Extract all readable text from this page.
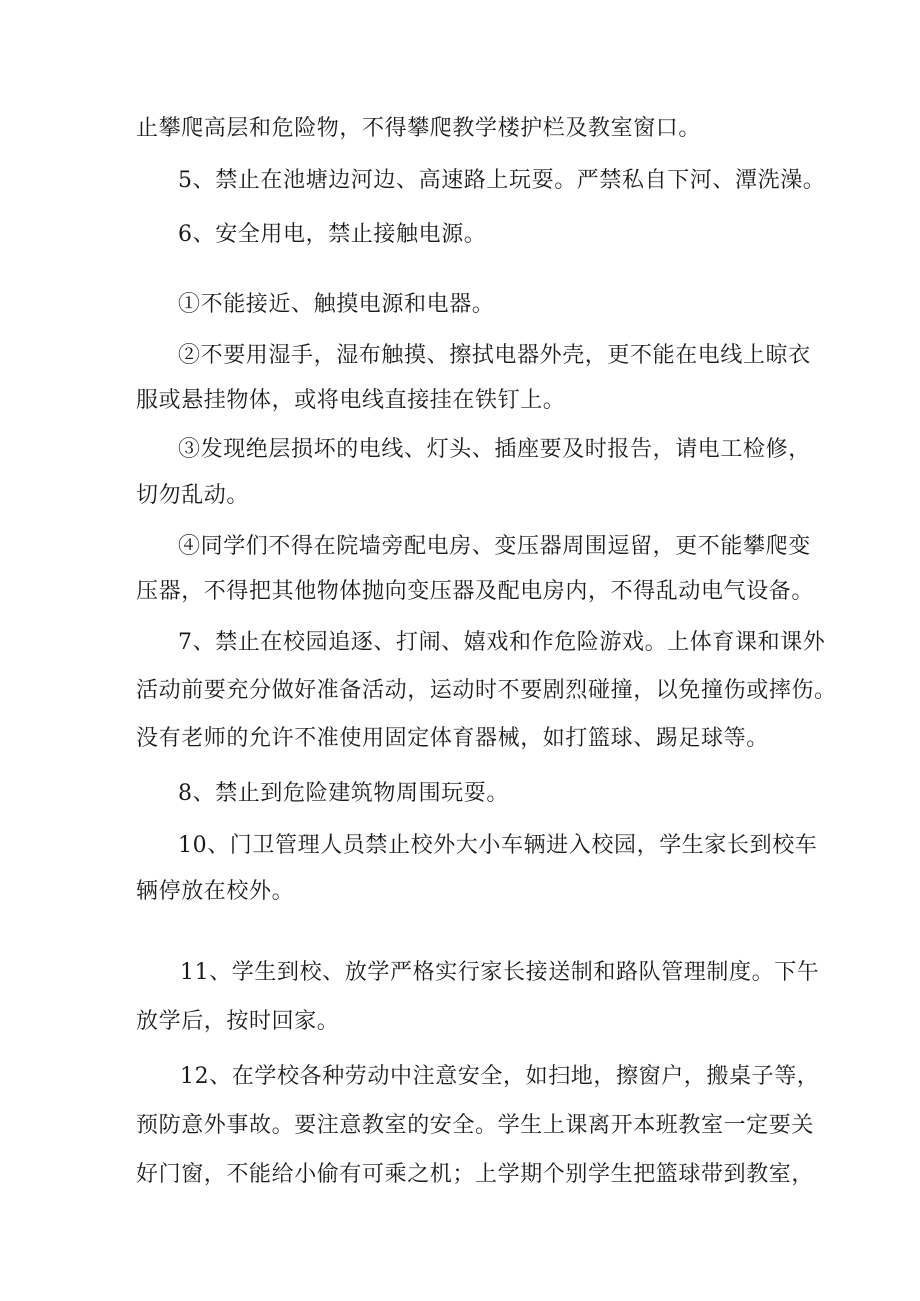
止攀爬高层和危险物，不得攀爬教学楼护栏及教室窗口。

5、禁止在池塘边河边、高速路上玩耍。严禁私自下河、潭洗澡。

6、安全用电，禁止接触电源。

①不能接近、触摸电源和电器。

②不要用湿手，湿布触摸、擦拭电器外壳，更不能在电线上晾衣

服或悬挂物体，或将电线直接挂在铁钉上。

③发现绝层损坏的电线、灯头、插座要及时报告，请电工检修，

切勿乱动。

④同学们不得在院墙旁配电房、变压器周围逗留，更不能攀爬变

压器，不得把其他物体抛向变压器及配电房内，不得乱动电气设备。

7、禁止在校园追逐、打闹、嬉戏和作危险游戏。上体育课和课外

活动前要充分做好准备活动，运动时不要剧烈碰撞，以免撞伤或摔伤。

没有老师的允许不准使用固定体育器械，如打篮球、踢足球等。

8、禁止到危险建筑物周围玩耍。

10、门卫管理人员禁止校外大小车辆进入校园，学生家长到校车

辆停放在校外。

11、学生到校、放学严格实行家长接送制和路队管理制度。下午

放学后，按时回家。

12、在学校各种劳动中注意安全，如扫地，擦窗户，搬桌子等，

预防意外事故。要注意教室的安全。学生上课离开本班教室一定要关

好门窗，不能给小偷有可乘之机；上学期个别学生把篮球带到教室，
